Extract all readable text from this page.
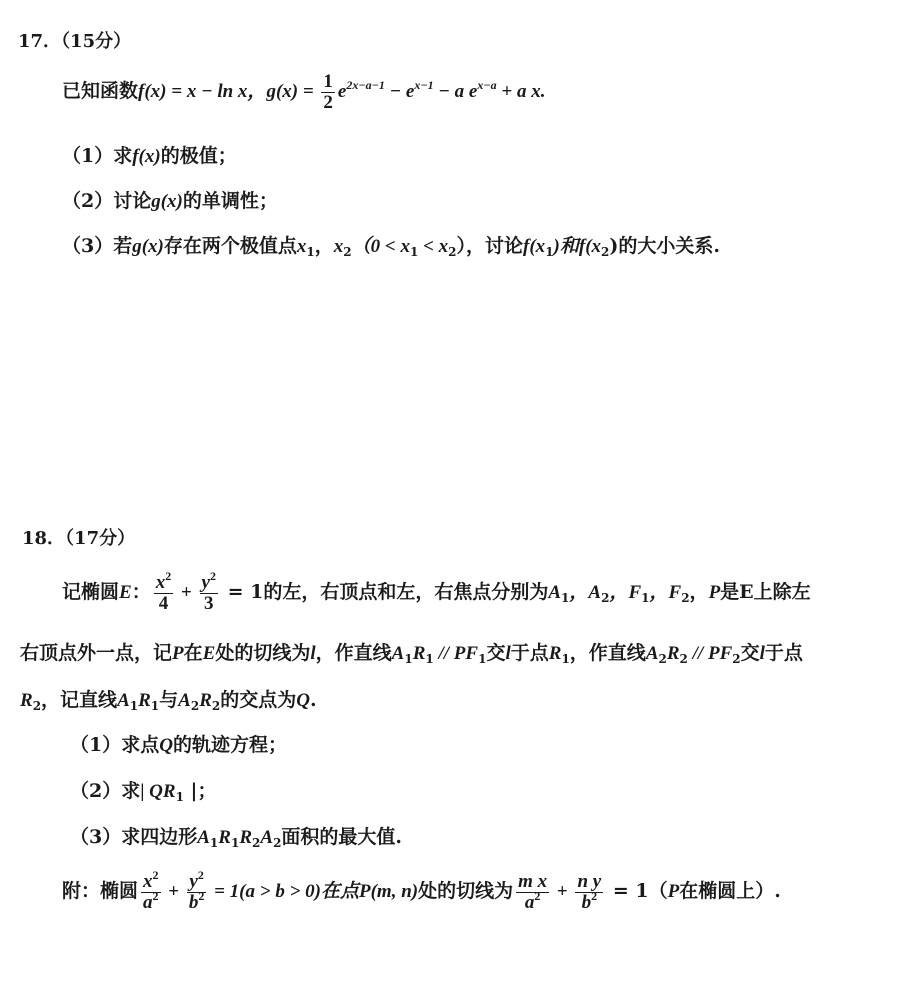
17．（15分）
已知函数f(x) = x − ln x，$g(x) = \frac{1}{2} e^{2x-a-1} - e^{x-1} - a$ $e^{x-a} + a$ x.
（1）求f(x)的极值；
（2）讨论g(x)的单调性；
（3）若g(x)存在两个极值点$x_1$，$x_2(0 < x_1 < x_2)$，讨论$f(x_1)$和$f(x_2)$的大小关系.
18．（17分）
记椭圆E： $\frac{x^2}{4} + \frac{y^2}{3} = 1$的左，右顶点和左，右焦点分别为$A_1$，$A_2$，$F_1$，$F_2$，P是E上除左
右顶点外一点，记P在E处的切线为l，作直线$A_1R_1 // PF_1$交l于点$R_1$，作直线$A_2R_2 // PF_2$交l于点
$R_2$，记直线$A_1R_1$与$A_2R_2$的交点为Q.
（1）求点Q的轨迹方程；
（2）求| $QR_1$ |；
（3）求四边形$A_1R_1R_2A_2$面积的最大值.
附：椭圆 $\frac{x^2}{a^2} + \frac{y^2}{b^2} = 1(a > b > 0)$在点P(m, n)处的切线为 $\frac{\text{m x}}{a^2} + \frac{\text{n y}}{b^2} = 1(P$在椭圆上）.
